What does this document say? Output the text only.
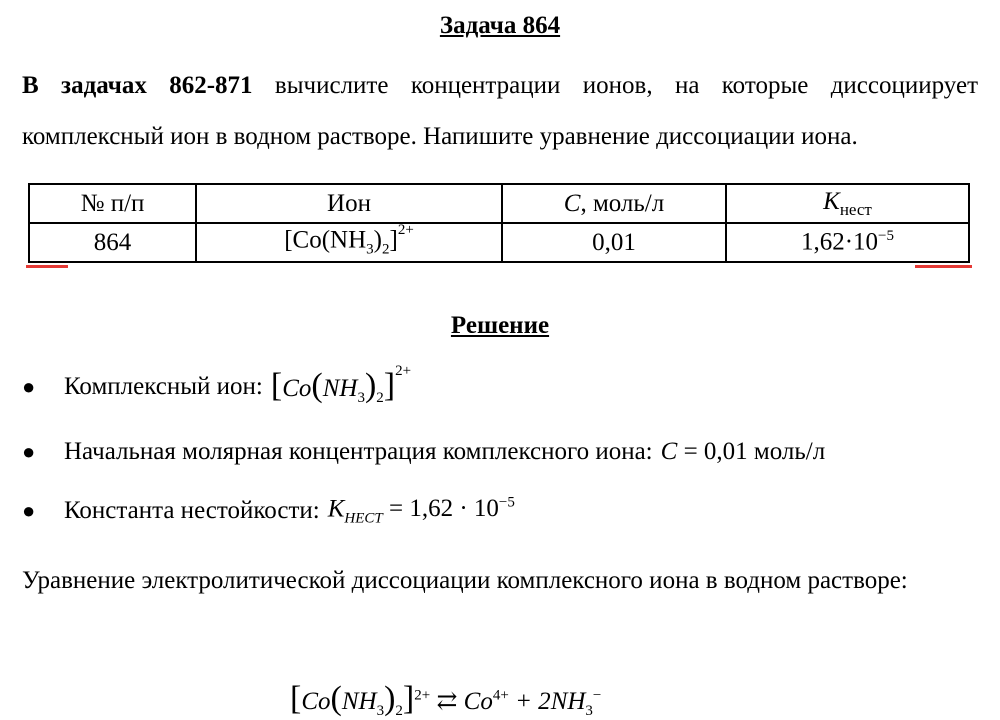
Задача 864
В задачах 862-871 вычислите концентрации ионов, на которые диссоциирует комплексный ион в водном растворе. Напишите уравнение диссоциации иона.
№ п/п	Ион	C, моль/л	$K_{нест}$
864	$[Co(NH_3)_2]^{2+}$	0,01	$1,62\cdot 10^{-5}$
Решение
●	Комплексный ион: $[Co(NH_3)_2]^{2+}$
●	Начальная молярная концентрация комплексного иона: C = 0,01 моль/л
●	Константа нестойкости: $K_{НЕСТ} = 1,62 \cdot 10^{-5}$
Уравнение электролитической диссоциации комплексного иона в водном растворе:
$[Co(NH_3)_2]^{2+}$ ⇄ $Co^{4+} + 2NH_3^-$
